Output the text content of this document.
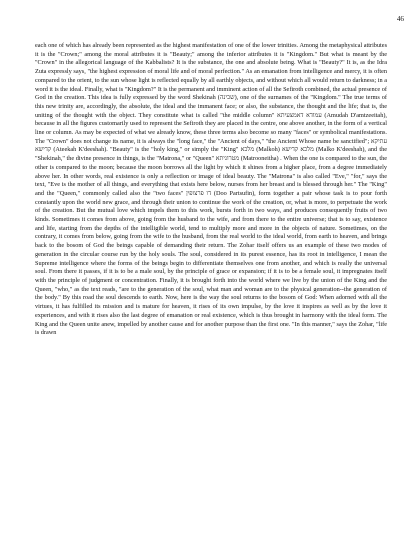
46

each one of which has already been represented as the highest manifestation of one of the lower trinities. Among the metaphysical attributes it is the "Crown;" among the moral attributes it is "Beauty;" among the inferior attributes it is "Kingdom." But what is meant by the "Crown" in the allegorical language of the Kabbalists? It is the substance, the one and absolute being. What is "Beauty?" It is, as the Idra Zuta expressly says, "the highest expression of moral life and of moral perfection." As an emanation from intelligence and mercy, it is often compared to the orient, to the sun whose light is reflected equally by all earthly objects, and without which all would return to darkness; in a word it is the ideal. Finally, what is "Kingdom?" It is the permanent and imminent action of all the Sefiroth combined, the actual presence of God in the creation. This idea is fully expressed by the word Shekinah (שכינה), one of the surnames of the "Kingdom." The true terms of this new trinity are, accordingly, the absolute, the ideal and the immanent face; or also, the substance, the thought and the life; that is, the uniting of the thought with the object. They constitute what is called "the middle column" עמודא דאמצעיתא (Amudah D'amtzeeitah), because in all the figures customarily used to represent the Sefiroth they are placed in the centre, one above another, in the form of a vertical line or column. As may be expected of what we already know, these three terms also become so many "faces" or symbolical manifestations. The "Crown" does not change its name, it is always the "long face," the "Ancient of days," "the Ancient Whose name be sanctified"; עתיקא קדישא (Ateekah K'deeshah). "Beauty" is the "holy king," or simply the "King" מלכא (Malkoh) מלכא קדישא (Malko K'deeshah), and the "Shekinah," the divine presence in things, is the "Matrona," or "Queen" מטרוניתא (Matrooneitha) . When the one is compared to the sun, the other is compared to the moon; because the moon borrows all the light by which it shines from a higher place, from a degree immediately above her. In other words, real existence is only a reflection or image of ideal beauty. The "Matrona" is also called "Eve," "for," says the text, "Eve is the mother of all things, and everything that exists here below, nurses from her breast and is blessed through her." The "King" and the "Queen," commonly called also the "two faces" דו פרצופין (Doo Partsufin), form together a pair whose task is to pour forth constantly upon the world new grace, and through their union to continue the work of the creation, or, what is more, to perpetuate the work of the creation. But the mutual love which impels them to this work, bursts forth in two ways, and produces consequently fruits of two kinds. Sometimes it comes from above, going from the husband to the wife, and from there to the entire universe; that is to say, existence and life, starting from the depths of the intelligible world, tend to multiply more and more in the objects of nature. Sometimes, on the contrary, it comes from below, going from the wife to the husband, from the real world to the ideal world, from earth to heaven, and brings back to the bosom of God the beings capable of demanding their return. The Zohar itself offers us an example of these two modes of generation in the circular course run by the holy souls. The soul, considered in its purest essence, has its root in intelligence, I mean the Supreme intelligence where the forms of the beings begin to differentiate themselves one from another, and which is really the universal soul. From there it passes, if it is to be a male soul, by the principle of grace or expansion; if it is to be a female soul, it impregnates itself with the principle of judgment or concentration. Finally, it is brought forth into the world where we live by the union of the King and the Queen, "who," as the text reads, "are to the generation of the soul, what man and woman are to the physical generation--the generation of the body." By this road the soul descends to earth. Now, here is the way the soul returns to the bosom of God: When adorned with all the virtues, it has fulfilled its mission and is mature for heaven, it rises of its own impulse, by the love it inspires as well as by the love it experiences, and with it rises also the last degree of emanation or real existence, which is thus brought in harmony with the ideal form. The King and the Queen unite anew, impelled by another cause and for another purpose than the first one. "In this manner," says the Zohar, "life is drawn
